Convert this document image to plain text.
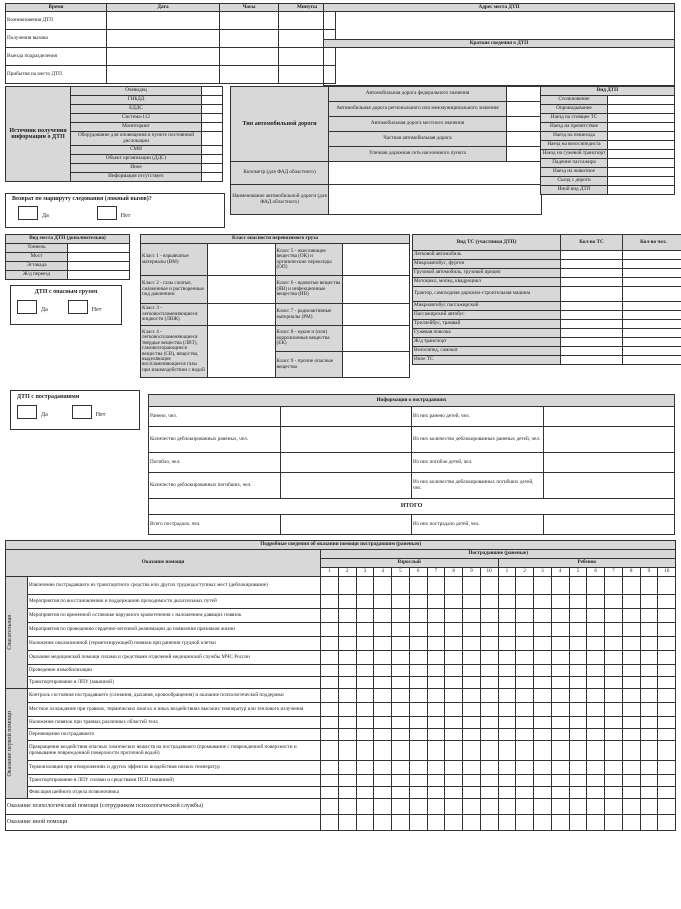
Время	Дата	Часы	Минуты
Возникновения ДТП			
Получения вызова			
Выезда подразделения			
Прибытия на место ДТП			
Адрес места ДТП

Краткие сведения о ДТП

Источник получения информации о ДТП	Очевидец	
	ГИБДД	
	ЕДДС	
	Система-112	
	Мониторинг	
	Оборудование для оповещения в пункте постоянной дислокации	
	СМИ	
	Объект организации (ДДС)	
	Иное	
	Информация отсутствует	
Возврат по маршруту следования (ложный вызов)?
Да	Нет
Тип автомобильной дороги	Автомобильная дорога федерального значения	
	Автомобильная дорога регионального или межмуниципального значения	
	Автомобильная дорога местного значения	
	Частная автомобильная дорога	
	Уличная дорожная сеть населенного пункта	
Километр (для ФАД областного)		
Наименование автомобильной дороги (для ФАД областного)		
Вид ДТП	
Столкновение	
Опрокидывание	
Наезд на стоящее ТС	
Наезд на препятствие	
Наезд на пешехода	
Наезд на велосипедиста	
Наезд на гужевой транспорт	
Падение пассажира	
Наезд на животное	
Съезд с дороги	
Иной вид ДТП	
Вид места ДТП (дополнительно)	
Тоннель	
Мост	
Эстакада	
Ж/д переезд	
ДТП с опасным грузом
Да	Нет
Класс опасности перевозимого груза			
Класс 1 - взрывчатые материалы (ВМ)		Класс 5 - окисляющие вещества (ОК) и органические пероксиды (ОП)	
Класс 2 - газы сжатые, сжиженные и растворенные под давлением		Класс 6 - ядовитые вещества (ЯВ) и инфекционные вещества (ИВ)	
Класс 3 - легковоспламеняющиеся жидкости (ЛВЖ)		Класс 7 - радиоактивные материалы (РМ)	
Класс 4 - легковоспламеняющиеся твердые вещества (ЛВТ), самовозгорающиеся вещества (СВ), вещества, выделяющие воспламеняющиеся газы при взаимодействии с водой		Класс 8 - едкие и (или) коррозионные вещества (ЕК)	
		Класс 9 - прочие опасные вещества	
Вид ТС (участники ДТП)	Кол-во ТС	Кол-во чел.
Легковой автомобиль		
Микроавтобус, фургон		
Грузовой автомобиль, грузовой прицеп		
Мотоцикл, мопед, квадроцикл		
Трактор, самоходная дорожно-строительная машина		
Микроавтобус пассажирский		
Пассажирский автобус		
Троллейбус, трамвай		
Гужевая повозка		
Ж/д транспорт		
Велосипед, самокат		
Иное ТС		
ДТП с пострадавшими
Да	Нет
Информация о пострадавших			
Ранено, чел.		Из них ранено детей, чел.	
Количество деблокированных раненых, чел.		Из них количество деблокированных раненых детей, чел.	
Погибло, чел.		Из них погибло детей, чел.	
Количество деблокированных погибших, чел.		Из них количество деблокированных погибших детей, чел.	
ИТОГО			
Всего пострадало, чел.		Из них пострадало детей, чел.	
Подробные сведения об оказании помощи пострадавшим (раненым)																					
Оказание помощи		Пострадавшие (раненые)																			
		Взрослый										Ребенок									
		1	2	3	4	5	6	7	8	9	10	1	2	3	4	5	6	7	8	9	10

Спасательная	Извлечение пострадавшего из транспортного средства или других труднодоступных мест (деблокирование)																				
	Мероприятия по восстановлению и поддержанию проходимости дыхательных путей																				
	Мероприятия по временной остановке наружного кровотечения с наложением давящих повязок																				
	Мероприятия по проведению сердечно-легочной реанимации до появления признаков жизни																				
	Наложение окклюзионной (герметизирующей) повязки при ранении грудной клетки																				
	Оказание медицинской помощи силами и средствами отделений медицинской службы МЧС России																				
	Проведение иммобилизации																				
	Транспортирование в ЛПУ (машиной)																				

Оказание первой помощи	Контроль состояния пострадавшего (сознания, дыхания, кровообращения) и оказание психологической поддержки																				
	Местное охлаждение при травмах, термических ожогах и иных воздействиях высоких температур или теплового излучения																				
	Наложение повязок при травмах различных областей тела																				
	Перемещение пострадавшего																				
	Прекращение воздействия опасных химических веществ на пострадавшего (промывание с поврежденной поверхности и промывание поврежденной поверхности проточной водой)																				
	Термоизоляция при отморожениях и других эффектах воздействия низких температур																				
	Транспортирование в ЛПУ силами и средствами ПСП (машиной)																				
	Фиксация шейного отдела позвоночника																				
Оказание психологической помощи (сотрудником психологической службы)																					
Оказание иной помощи																					
